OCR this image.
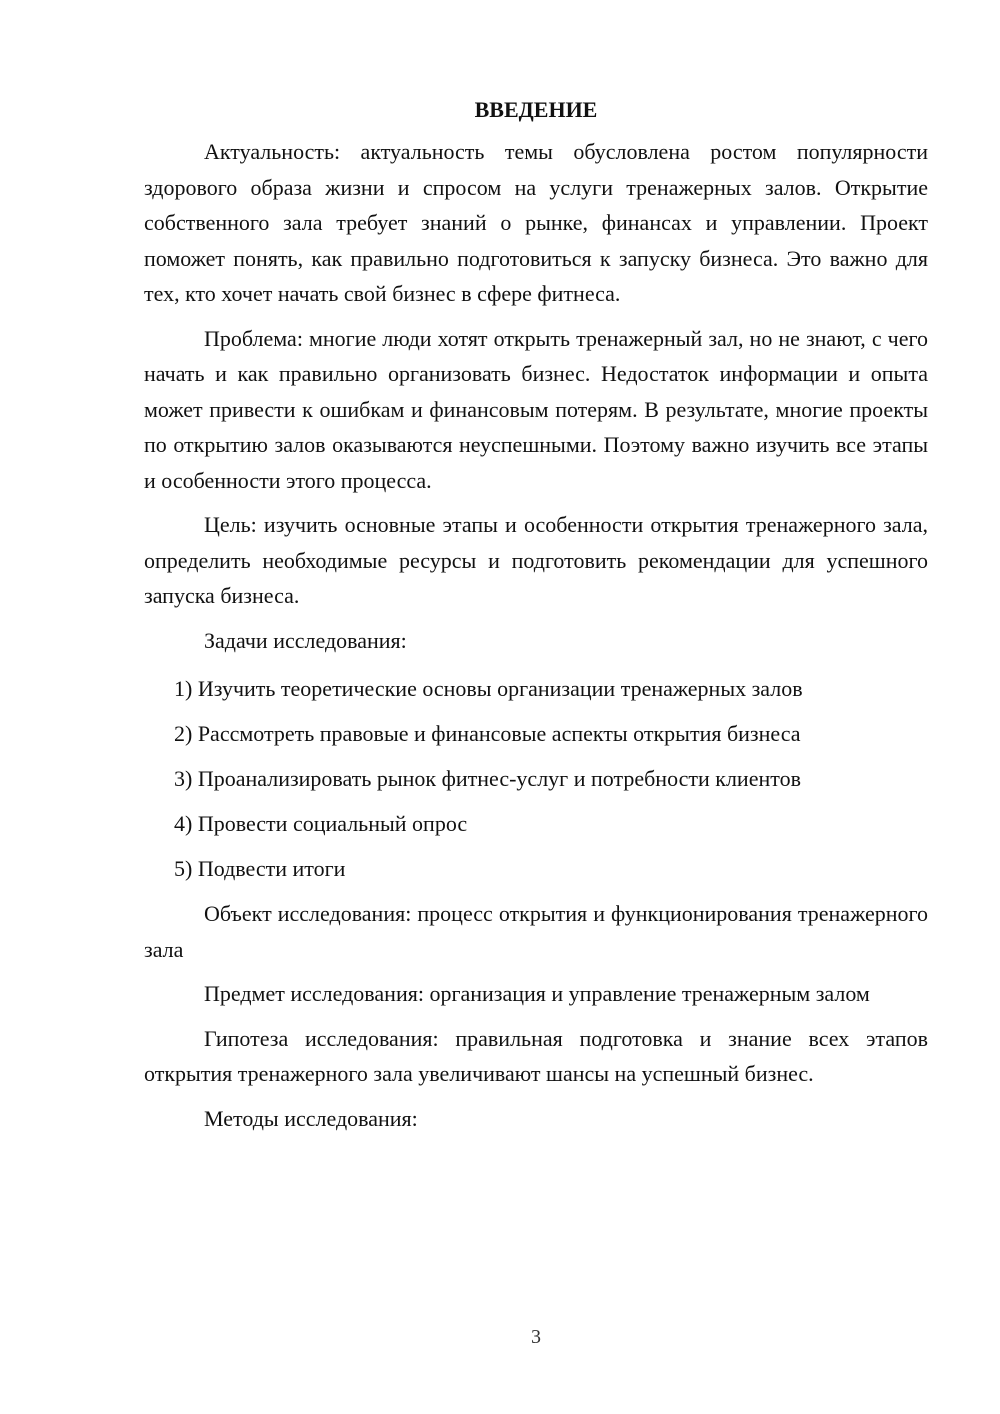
ВВЕДЕНИЕ

Актуальность: актуальность темы обусловлена ростом популярности здорового образа жизни и спросом на услуги тренажерных залов. Открытие собственного зала требует знаний о рынке, финансах и управлении. Проект поможет понять, как правильно подготовиться к запуску бизнеса. Это важно для тех, кто хочет начать свой бизнес в сфере фитнеса.

Проблема: многие люди хотят открыть тренажерный зал, но не знают, с чего начать и как правильно организовать бизнес. Недостаток информации и опыта может привести к ошибкам и финансовым потерям. В результате, многие проекты по открытию залов оказываются неуспешными. Поэтому важно изучить все этапы и особенности этого процесса.

Цель: изучить основные этапы и особенности открытия тренажерного зала, определить необходимые ресурсы и подготовить рекомендации для успешного запуска бизнеса.

Задачи исследования:

1) Изучить теоретические основы организации тренажерных залов
2) Рассмотреть правовые и финансовые аспекты открытия бизнеса
3) Проанализировать рынок фитнес-услуг и потребности клиентов
4) Провести социальный опрос
5) Подвести итоги

Объект исследования: процесс открытия и функционирования тренажерного зала

Предмет исследования: организация и управление тренажерным залом

Гипотеза исследования: правильная подготовка и знание всех этапов открытия тренажерного зала увеличивают шансы на успешный бизнес.

Методы исследования:

3
